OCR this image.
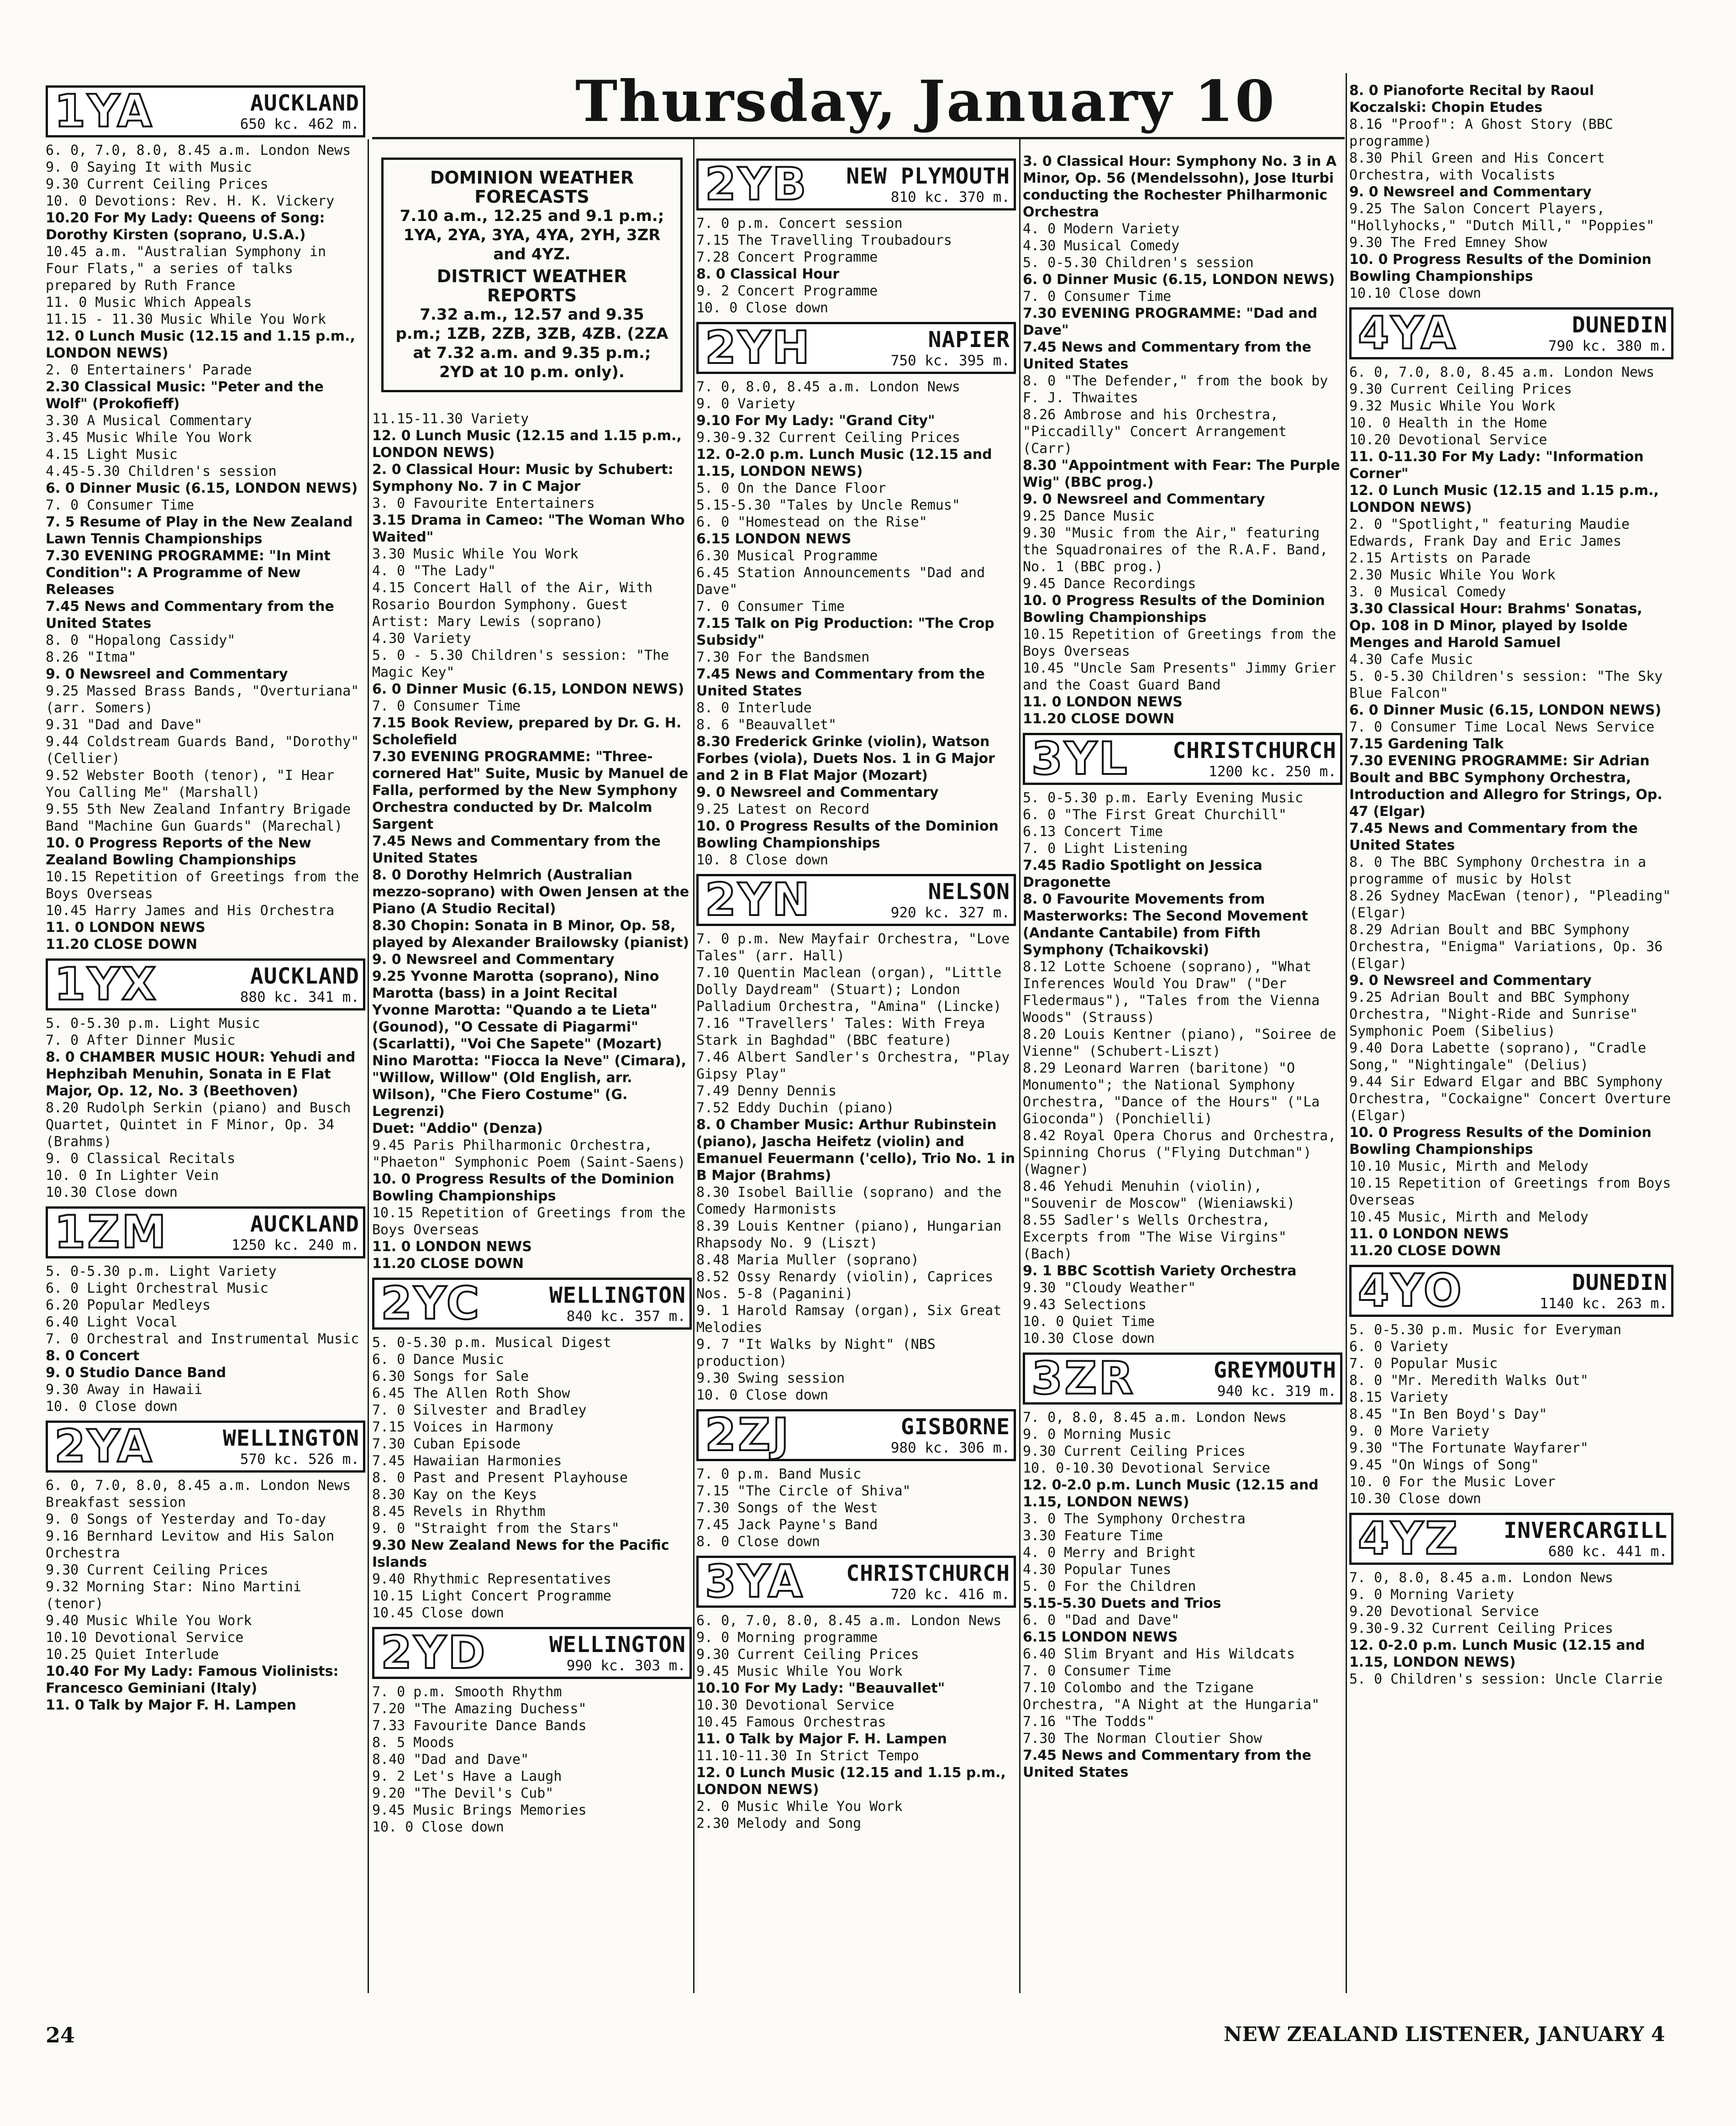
Thursday, January 10
1YA	AUCKLAND
650 kc. 462 m.

6. 0, 7.0, 8.0, 8.45 a.m. London News

9. 0 Saying It with Music

9.30 Current Ceiling Prices

10. 0 Devotions: Rev. H. K. Vickery

10.20 For My Lady: Queens of Song: Dorothy Kirsten (soprano, U.S.A.)

10.45 a.m. "Australian Symphony in Four Flats," a series of talks prepared by Ruth France

11. 0 Music Which Appeals

11.15 - 11.30 Music While You Work

12. 0 Lunch Music (12.15 and 1.15 p.m., LONDON NEWS)

2. 0 Entertainers' Parade

2.30 Classical Music: "Peter and the Wolf" (Prokofieff)

3.30 A Musical Commentary

3.45 Music While You Work

4.15 Light Music

4.45-5.30 Children's session

6. 0 Dinner Music (6.15, LONDON NEWS)

7. 0 Consumer Time

7. 5 Resume of Play in the New Zealand Lawn Tennis Championships

7.30 EVENING PROGRAMME: "In Mint Condition": A Programme of New Releases

7.45 News and Commentary from the United States

8. 0 "Hopalong Cassidy"

8.26 "Itma"

9. 0 Newsreel and Commentary

9.25 Massed Brass Bands, "Overturiana" (arr. Somers)

9.31 "Dad and Dave"

9.44 Coldstream Guards Band, "Dorothy" (Cellier)

9.52 Webster Booth (tenor), "I Hear You Calling Me" (Marshall)

9.55 5th New Zealand Infantry Brigade Band "Machine Gun Guards" (Marechal)

10. 0 Progress Reports of the New Zealand Bowling Championships

10.15 Repetition of Greetings from the Boys Overseas

10.45 Harry James and His Orchestra

11. 0 LONDON NEWS

11.20 CLOSE DOWN

1YX	AUCKLAND
880 kc. 341 m.

5. 0-5.30 p.m. Light Music

7. 0 After Dinner Music

8. 0 CHAMBER MUSIC HOUR: Yehudi and Hephzibah Menuhin, Sonata in E Flat Major, Op. 12, No. 3 (Beethoven)

8.20 Rudolph Serkin (piano) and Busch Quartet, Quintet in F Minor, Op. 34 (Brahms)

9. 0 Classical Recitals

10. 0 In Lighter Vein

10.30 Close down

1ZM	AUCKLAND
1250 kc. 240 m.

5. 0-5.30 p.m. Light Variety

6. 0 Light Orchestral Music

6.20 Popular Medleys

6.40 Light Vocal

7. 0 Orchestral and Instrumental Music

8. 0 Concert

9. 0 Studio Dance Band

9.30 Away in Hawaii

10. 0 Close down

2YA	WELLINGTON
570 kc. 526 m.

6. 0, 7.0, 8.0, 8.45 a.m. London News

Breakfast session

9. 0 Songs of Yesterday and To-day

9.16 Bernhard Levitow and His Salon Orchestra

9.30 Current Ceiling Prices

9.32 Morning Star: Nino Martini (tenor)

9.40 Music While You Work

10.10 Devotional Service

10.25 Quiet Interlude

10.40 For My Lady: Famous Violinists: Francesco Geminiani (Italy)

11. 0 Talk by Major F. H. Lampen

DOMINION WEATHER FORECASTS
7.10 a.m., 12.25 and 9.1 p.m.; 1YA, 2YA, 3YA, 4YA, 2YH, 3ZR and 4YZ.
DISTRICT WEATHER REPORTS
7.32 a.m., 12.57 and 9.35 p.m.; 1ZB, 2ZB, 3ZB, 4ZB. (2ZA at 7.32 a.m. and 9.35 p.m.; 2YD at 10 p.m. only).

11.15-11.30 Variety

12. 0 Lunch Music (12.15 and 1.15 p.m., LONDON NEWS)

2. 0 Classical Hour: Music by Schubert: Symphony No. 7 in C Major

3. 0 Favourite Entertainers

3.15 Drama in Cameo: "The Woman Who Waited"

3.30 Music While You Work

4. 0 "The Lady"

4.15 Concert Hall of the Air, With Rosario Bourdon Symphony. Guest Artist: Mary Lewis (soprano)

4.30 Variety

5. 0 - 5.30 Children's session: "The Magic Key"

6. 0 Dinner Music (6.15, LONDON NEWS)

7. 0 Consumer Time

7.15 Book Review, prepared by Dr. G. H. Scholefield

7.30 EVENING PROGRAMME: "Three-cornered Hat" Suite, Music by Manuel de Falla, performed by the New Symphony Orchestra conducted by Dr. Malcolm Sargent

7.45 News and Commentary from the United States

8. 0 Dorothy Helmrich (Australian mezzo-soprano) with Owen Jensen at the Piano (A Studio Recital)

8.30 Chopin: Sonata in B Minor, Op. 58, played by Alexander Brailowsky (pianist)

9. 0 Newsreel and Commentary

9.25 Yvonne Marotta (soprano), Nino Marotta (bass) in a Joint Recital

Yvonne Marotta: "Quando a te Lieta" (Gounod), "O Cessate di Piagarmi" (Scarlatti), "Voi Che Sapete" (Mozart)

Nino Marotta: "Fiocca la Neve" (Cimara), "Willow, Willow" (Old English, arr. Wilson), "Che Fiero Costume" (G. Legrenzi)

Duet: "Addio" (Denza)

9.45 Paris Philharmonic Orchestra, "Phaeton" Symphonic Poem (Saint-Saens)

10. 0 Progress Results of the Dominion Bowling Championships

10.15 Repetition of Greetings from the Boys Overseas

11. 0 LONDON NEWS

11.20 CLOSE DOWN

2YC	WELLINGTON
840 kc. 357 m.

5. 0-5.30 p.m. Musical Digest

6. 0 Dance Music

6.30 Songs for Sale

6.45 The Allen Roth Show

7. 0 Silvester and Bradley

7.15 Voices in Harmony

7.30 Cuban Episode

7.45 Hawaiian Harmonies

8. 0 Past and Present Playhouse

8.30 Kay on the Keys

8.45 Revels in Rhythm

9. 0 "Straight from the Stars"

9.30 New Zealand News for the Pacific Islands

9.40 Rhythmic Representatives

10.15 Light Concert Programme

10.45 Close down

2YD	WELLINGTON
990 kc. 303 m.

7. 0 p.m. Smooth Rhythm

7.20 "The Amazing Duchess"

7.33 Favourite Dance Bands

8. 5 Moods

8.40 "Dad and Dave"

9. 2 Let's Have a Laugh

9.20 "The Devil's Cub"

9.45 Music Brings Memories

10. 0 Close down

2YB	NEW PLYMOUTH
810 kc. 370 m.

7. 0 p.m. Concert session

7.15 The Travelling Troubadours

7.28 Concert Programme

8. 0 Classical Hour

9. 2 Concert Programme

10. 0 Close down

2YH	NAPIER
750 kc. 395 m.

7. 0, 8.0, 8.45 a.m. London News

9. 0 Variety

9.10 For My Lady: "Grand City"

9.30-9.32 Current Ceiling Prices

12. 0-2.0 p.m. Lunch Music (12.15 and 1.15, LONDON NEWS)

5. 0 On the Dance Floor

5.15-5.30 "Tales by Uncle Remus"

6. 0 "Homestead on the Rise"

6.15 LONDON NEWS

6.30 Musical Programme

6.45 Station Announcements "Dad and Dave"

7. 0 Consumer Time

7.15 Talk on Pig Production: "The Crop Subsidy"

7.30 For the Bandsmen

7.45 News and Commentary from the United States

8. 0 Interlude

8. 6 "Beauvallet"

8.30 Frederick Grinke (violin), Watson Forbes (viola), Duets Nos. 1 in G Major and 2 in B Flat Major (Mozart)

9. 0 Newsreel and Commentary

9.25 Latest on Record

10. 0 Progress Results of the Dominion Bowling Championships

10. 8 Close down

2YN	NELSON
920 kc. 327 m.

7. 0 p.m. New Mayfair Orchestra, "Love Tales" (arr. Hall)

7.10 Quentin Maclean (organ), "Little Dolly Daydream" (Stuart); London Palladium Orchestra, "Amina" (Lincke)

7.16 "Travellers' Tales: With Freya Stark in Baghdad" (BBC feature)

7.46 Albert Sandler's Orchestra, "Play Gipsy Play"

7.49 Denny Dennis

7.52 Eddy Duchin (piano)

8. 0 Chamber Music: Arthur Rubinstein (piano), Jascha Heifetz (violin) and Emanuel Feuermann ('cello), Trio No. 1 in B Major (Brahms)

8.30 Isobel Baillie (soprano) and the Comedy Harmonists

8.39 Louis Kentner (piano), Hungarian Rhapsody No. 9 (Liszt)

8.48 Maria Muller (soprano)

8.52 Ossy Renardy (violin), Caprices Nos. 5-8 (Paganini)

9. 1 Harold Ramsay (organ), Six Great Melodies

9. 7 "It Walks by Night" (NBS production)

9.30 Swing session

10. 0 Close down

2ZJ	GISBORNE
980 kc. 306 m.

7. 0 p.m. Band Music

7.15 "The Circle of Shiva"

7.30 Songs of the West

7.45 Jack Payne's Band

8. 0 Close down

3YA	CHRISTCHURCH
720 kc. 416 m.

6. 0, 7.0, 8.0, 8.45 a.m. London News

9. 0 Morning programme

9.30 Current Ceiling Prices

9.45 Music While You Work

10.10 For My Lady: "Beauvallet"

10.30 Devotional Service

10.45 Famous Orchestras

11. 0 Talk by Major F. H. Lampen

11.10-11.30 In Strict Tempo

12. 0 Lunch Music (12.15 and 1.15 p.m., LONDON NEWS)

2. 0 Music While You Work

2.30 Melody and Song

3. 0 Classical Hour: Symphony No. 3 in A Minor, Op. 56 (Mendelssohn), Jose Iturbi conducting the Rochester Philharmonic Orchestra

4. 0 Modern Variety

4.30 Musical Comedy

5. 0-5.30 Children's session

6. 0 Dinner Music (6.15, LONDON NEWS)

7. 0 Consumer Time

7.30 EVENING PROGRAMME: "Dad and Dave"

7.45 News and Commentary from the United States

8. 0 "The Defender," from the book by F. J. Thwaites

8.26 Ambrose and his Orchestra, "Piccadilly" Concert Arrangement (Carr)

8.30 "Appointment with Fear: The Purple Wig" (BBC prog.)

9. 0 Newsreel and Commentary

9.25 Dance Music

9.30 "Music from the Air," featuring the Squadronaires of the R.A.F. Band, No. 1 (BBC prog.)

9.45 Dance Recordings

10. 0 Progress Results of the Dominion Bowling Championships

10.15 Repetition of Greetings from the Boys Overseas

10.45 "Uncle Sam Presents" Jimmy Grier and the Coast Guard Band

11. 0 LONDON NEWS

11.20 CLOSE DOWN

3YL	CHRISTCHURCH
1200 kc. 250 m.

5. 0-5.30 p.m. Early Evening Music

6. 0 "The First Great Churchill"

6.13 Concert Time

7. 0 Light Listening

7.45 Radio Spotlight on Jessica Dragonette

8. 0 Favourite Movements from Masterworks: The Second Movement (Andante Cantabile) from Fifth Symphony (Tchaikovski)

8.12 Lotte Schoene (soprano), "What Inferences Would You Draw" ("Der Fledermaus"), "Tales from the Vienna Woods" (Strauss)

8.20 Louis Kentner (piano), "Soiree de Vienne" (Schubert-Liszt)

8.29 Leonard Warren (baritone) "O Monumento"; the National Symphony Orchestra, "Dance of the Hours" ("La Gioconda") (Ponchielli)

8.42 Royal Opera Chorus and Orchestra, Spinning Chorus ("Flying Dutchman") (Wagner)

8.46 Yehudi Menuhin (violin), "Souvenir de Moscow" (Wieniawski)

8.55 Sadler's Wells Orchestra, Excerpts from "The Wise Virgins" (Bach)

9. 1 BBC Scottish Variety Orchestra

9.30 "Cloudy Weather"

9.43 Selections

10. 0 Quiet Time

10.30 Close down

3ZR	GREYMOUTH
940 kc. 319 m.

7. 0, 8.0, 8.45 a.m. London News

9. 0 Morning Music

9.30 Current Ceiling Prices

10. 0-10.30 Devotional Service

12. 0-2.0 p.m. Lunch Music (12.15 and 1.15, LONDON NEWS)

3. 0 The Symphony Orchestra

3.30 Feature Time

4. 0 Merry and Bright

4.30 Popular Tunes

5. 0 For the Children

5.15-5.30 Duets and Trios

6. 0 "Dad and Dave"

6.15 LONDON NEWS

6.40 Slim Bryant and His Wildcats

7. 0 Consumer Time

7.10 Colombo and the Tzigane Orchestra, "A Night at the Hungaria"

7.16 "The Todds"

7.30 The Norman Cloutier Show

7.45 News and Commentary from the United States

8. 0 Pianoforte Recital by Raoul Koczalski: Chopin Etudes

8.16 "Proof": A Ghost Story (BBC programme)

8.30 Phil Green and His Concert Orchestra, with Vocalists

9. 0 Newsreel and Commentary

9.25 The Salon Concert Players, "Hollyhocks," "Dutch Mill," "Poppies"

9.30 The Fred Emney Show

10. 0 Progress Results of the Dominion Bowling Championships

10.10 Close down

4YA	DUNEDIN
790 kc. 380 m.

6. 0, 7.0, 8.0, 8.45 a.m. London News

9.30 Current Ceiling Prices

9.32 Music While You Work

10. 0 Health in the Home

10.20 Devotional Service

11. 0-11.30 For My Lady: "Information Corner"

12. 0 Lunch Music (12.15 and 1.15 p.m., LONDON NEWS)

2. 0 "Spotlight," featuring Maudie Edwards, Frank Day and Eric James

2.15 Artists on Parade

2.30 Music While You Work

3. 0 Musical Comedy

3.30 Classical Hour: Brahms' Sonatas, Op. 108 in D Minor, played by Isolde Menges and Harold Samuel

4.30 Cafe Music

5. 0-5.30 Children's session: "The Sky Blue Falcon"

6. 0 Dinner Music (6.15, LONDON NEWS)

7. 0 Consumer Time Local News Service

7.15 Gardening Talk

7.30 EVENING PROGRAMME: Sir Adrian Boult and BBC Symphony Orchestra, Introduction and Allegro for Strings, Op. 47 (Elgar)

7.45 News and Commentary from the United States

8. 0 The BBC Symphony Orchestra in a programme of music by Holst

8.26 Sydney MacEwan (tenor), "Pleading" (Elgar)

8.29 Adrian Boult and BBC Symphony Orchestra, "Enigma" Variations, Op. 36 (Elgar)

9. 0 Newsreel and Commentary

9.25 Adrian Boult and BBC Symphony Orchestra, "Night-Ride and Sunrise" Symphonic Poem (Sibelius)

9.40 Dora Labette (soprano), "Cradle Song," "Nightingale" (Delius)

9.44 Sir Edward Elgar and BBC Symphony Orchestra, "Cockaigne" Concert Overture (Elgar)

10. 0 Progress Results of the Dominion Bowling Championships

10.10 Music, Mirth and Melody

10.15 Repetition of Greetings from Boys Overseas

10.45 Music, Mirth and Melody

11. 0 LONDON NEWS

11.20 CLOSE DOWN

4YO	DUNEDIN
1140 kc. 263 m.

5. 0-5.30 p.m. Music for Everyman

6. 0 Variety

7. 0 Popular Music

8. 0 "Mr. Meredith Walks Out"

8.15 Variety

8.45 "In Ben Boyd's Day"

9. 0 More Variety

9.30 "The Fortunate Wayfarer"

9.45 "On Wings of Song"

10. 0 For the Music Lover

10.30 Close down

4YZ	INVERCARGILL
680 kc. 441 m.

7. 0, 8.0, 8.45 a.m. London News

9. 0 Morning Variety

9.20 Devotional Service

9.30-9.32 Current Ceiling Prices

12. 0-2.0 p.m. Lunch Music (12.15 and 1.15, LONDON NEWS)

5. 0 Children's session: Uncle Clarrie

24	NEW ZEALAND LISTENER, JANUARY 4
